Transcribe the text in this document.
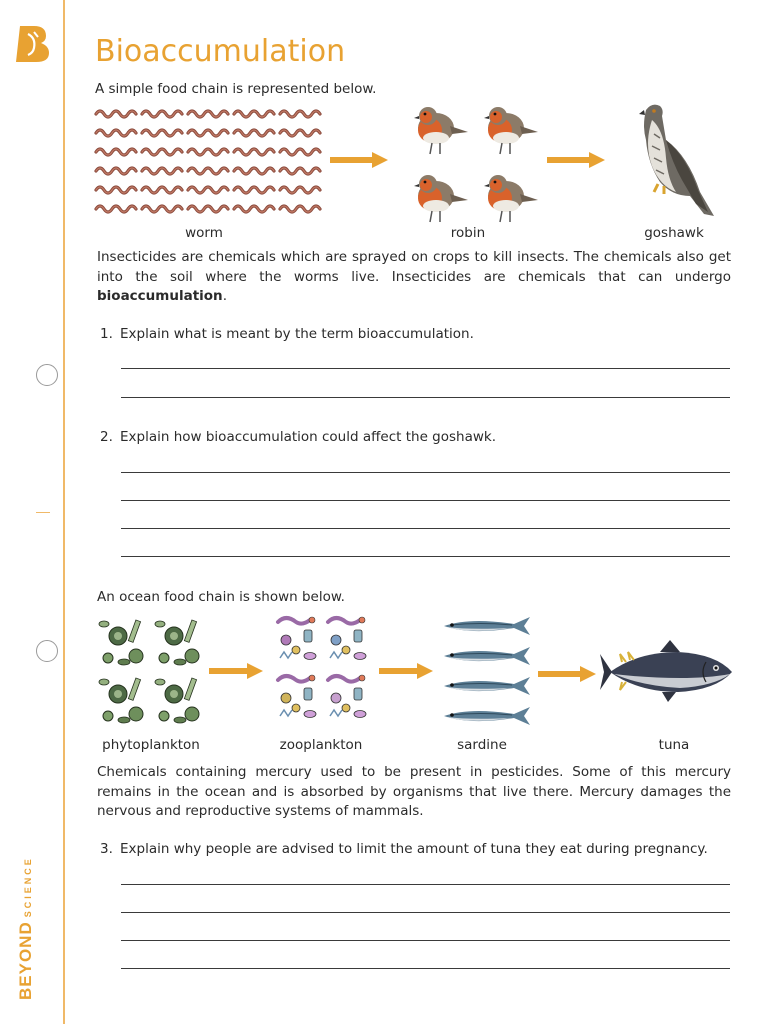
BEYONDSCIENCE
Bioaccumulation
A simple food chain is represented below.
worm	robin	goshawk
Insecticides are chemicals which are sprayed on crops to kill insects. The chemicals also get into the soil where the worms live. Insecticides are chemicals that can undergo bioaccumulation.
1. Explain what is meant by the term bioaccumulation.
2. Explain how bioaccumulation could affect the goshawk.
An ocean food chain is shown below.
phytoplankton	zooplankton	sardine	tuna
Chemicals containing mercury used to be present in pesticides. Some of this mercury remains in the ocean and is absorbed by organisms that live there. Mercury damages the nervous and reproductive systems of mammals.
3. Explain why people are advised to limit the amount of tuna they eat during pregnancy.
